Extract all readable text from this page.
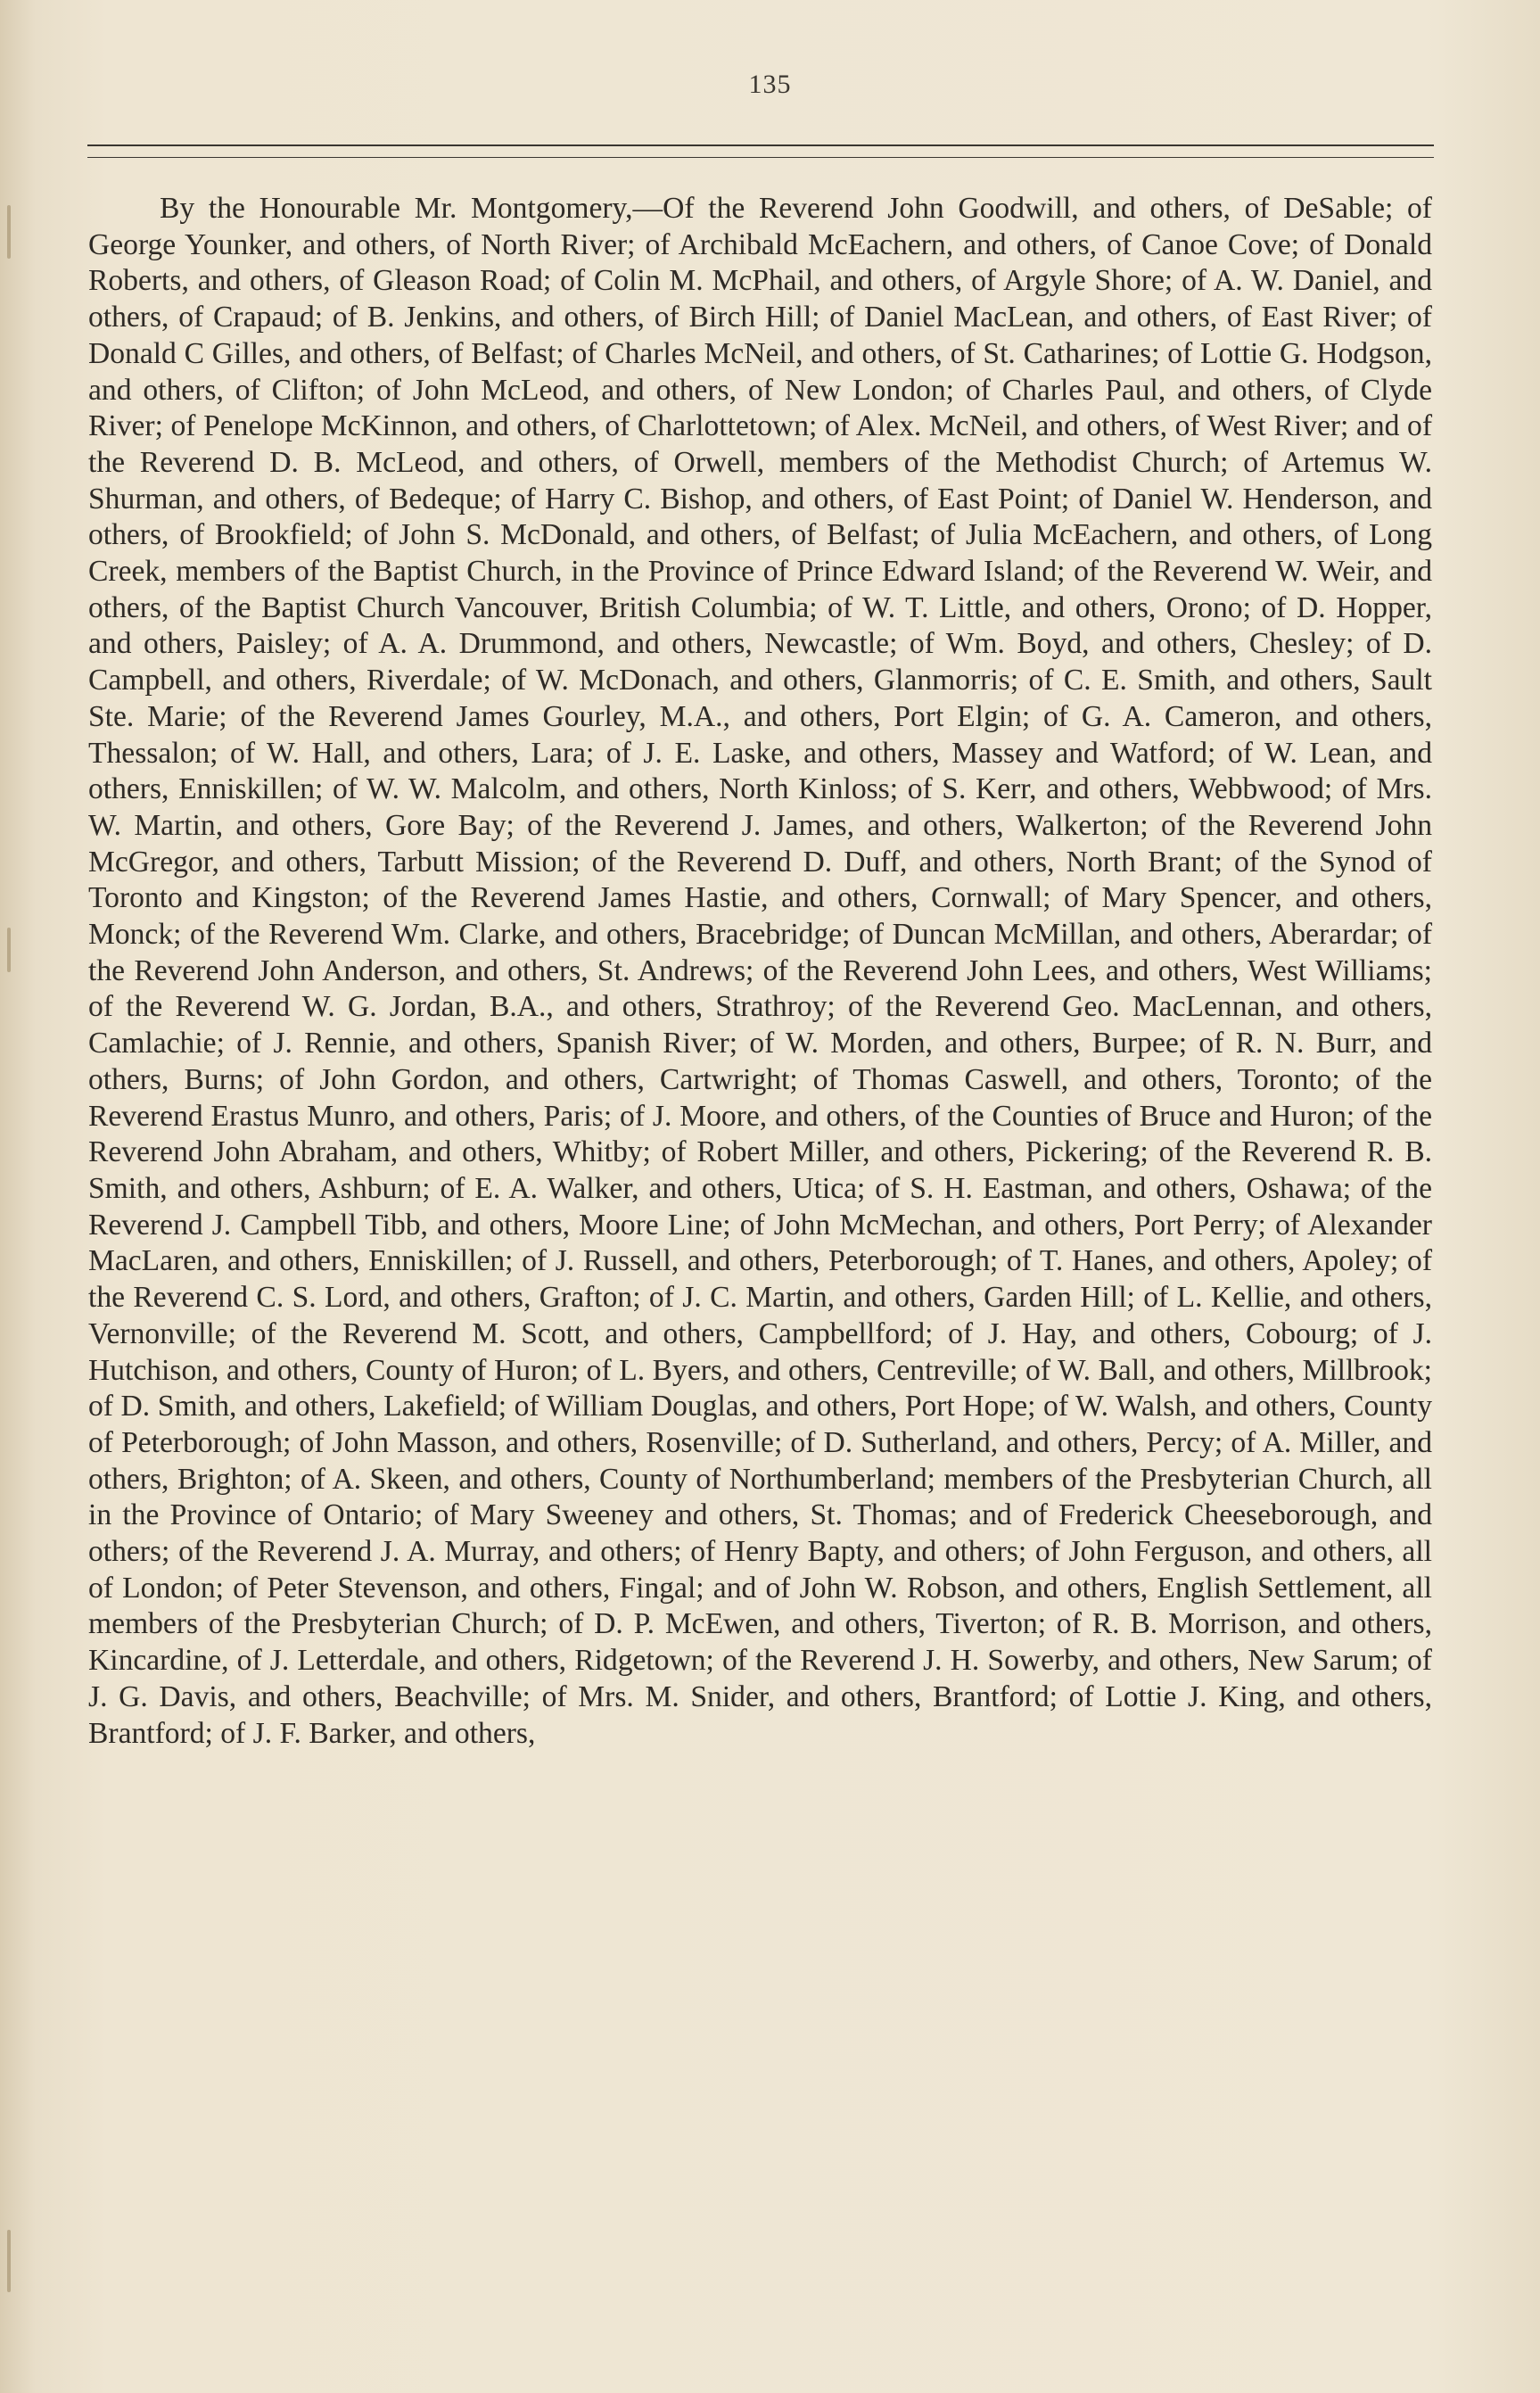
135

By the Honourable Mr. Montgomery,—Of the Reverend John Goodwill, and others, of DeSable; of George Younker, and others, of North River; of Archibald McEachern, and others, of Canoe Cove; of Donald Roberts, and others, of Gleason Road; of Colin M. McPhail, and others, of Argyle Shore; of A. W. Daniel, and others, of Crapaud; of B. Jenkins, and others, of Birch Hill; of Daniel MacLean, and others, of East River; of Donald C Gilles, and others, of Belfast; of Charles McNeil, and others, of St. Catharines; of Lottie G. Hodgson, and others, of Clifton; of John McLeod, and others, of New London; of Charles Paul, and others, of Clyde River; of Penelope McKinnon, and others, of Charlottetown; of Alex. McNeil, and others, of West River; and of the Reverend D. B. McLeod, and others, of Orwell, members of the Methodist Church; of Artemus W. Shurman, and others, of Bedeque; of Harry C. Bishop, and others, of East Point; of Daniel W. Henderson, and others, of Brookfield; of John S. McDonald, and others, of Belfast; of Julia McEachern, and others, of Long Creek, members of the Baptist Church, in the Province of Prince Edward Island; of the Reverend W. Weir, and others, of the Baptist Church Vancouver, British Columbia; of W. T. Little, and others, Orono; of D. Hopper, and others, Paisley; of A. A. Drummond, and others, Newcastle; of Wm. Boyd, and others, Chesley; of D. Campbell, and others, Riverdale; of W. McDonach, and others, Glanmorris; of C. E. Smith, and others, Sault Ste. Marie; of the Reverend James Gourley, M.A., and others, Port Elgin; of G. A. Cameron, and others, Thessalon; of W. Hall, and others, Lara; of J. E. Laske, and others, Massey and Watford; of W. Lean, and others, Enniskillen; of W. W. Malcolm, and others, North Kinloss; of S. Kerr, and others, Webbwood; of Mrs. W. Martin, and others, Gore Bay; of the Reverend J. James, and others, Walkerton; of the Reverend John McGregor, and others, Tarbutt Mission; of the Reverend D. Duff, and others, North Brant; of the Synod of Toronto and Kingston; of the Reverend James Hastie, and others, Cornwall; of Mary Spencer, and others, Monck; of the Reverend Wm. Clarke, and others, Bracebridge; of Duncan McMillan, and others, Aberardar; of the Reverend John Anderson, and others, St. Andrews; of the Reverend John Lees, and others, West Williams; of the Reverend W. G. Jordan, B.A., and others, Strathroy; of the Reverend Geo. MacLennan, and others, Camlachie; of J. Rennie, and others, Spanish River; of W. Morden, and others, Burpee; of R. N. Burr, and others, Burns; of John Gordon, and others, Cartwright; of Thomas Caswell, and others, Toronto; of the Reverend Erastus Munro, and others, Paris; of J. Moore, and others, of the Counties of Bruce and Huron; of the Reverend John Abraham, and others, Whitby; of Robert Miller, and others, Pickering; of the Reverend R. B. Smith, and others, Ashburn; of E. A. Walker, and others, Utica; of S. H. Eastman, and others, Oshawa; of the Reverend J. Campbell Tibb, and others, Moore Line; of John McMechan, and others, Port Perry; of Alexander MacLaren, and others, Enniskillen; of J. Russell, and others, Peterborough; of T. Hanes, and others, Apoley; of the Reverend C. S. Lord, and others, Grafton; of J. C. Martin, and others, Garden Hill; of L. Kellie, and others, Vernonville; of the Reverend M. Scott, and others, Campbellford; of J. Hay, and others, Cobourg; of J. Hutchison, and others, County of Huron; of L. Byers, and others, Centreville; of W. Ball, and others, Millbrook; of D. Smith, and others, Lakefield; of William Douglas, and others, Port Hope; of W. Walsh, and others, County of Peterborough; of John Masson, and others, Rosenville; of D. Sutherland, and others, Percy; of A. Miller, and others, Brighton; of A. Skeen, and others, County of Northumberland; members of the Presbyterian Church, all in the Province of Ontario; of Mary Sweeney and others, St. Thomas; and of Frederick Cheeseborough, and others; of the Reverend J. A. Murray, and others; of Henry Bapty, and others; of John Ferguson, and others, all of London; of Peter Stevenson, and others, Fingal; and of John W. Robson, and others, English Settlement, all members of the Presbyterian Church; of D. P. McEwen, and others, Tiverton; of R. B. Morrison, and others, Kincardine, of J. Letterdale, and others, Ridgetown; of the Reverend J. H. Sowerby, and others, New Sarum; of J. G. Davis, and others, Beachville; of Mrs. M. Snider, and others, Brantford; of Lottie J. King, and others, Brantford; of J. F. Barker, and others,
